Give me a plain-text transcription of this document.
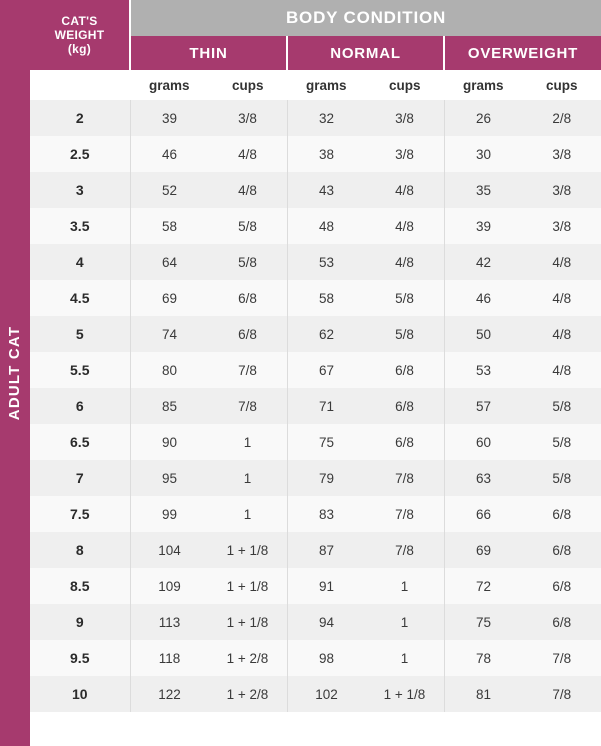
ADULT CAT
CAT'S
WEIGHT
(kg)	BODY CONDITION					
	THIN		NORMAL		OVERWEIGHT	
	grams	cups	grams	cups	grams	cups
2	39	3/8	32	3/8	26	2/8
2.5	46	4/8	38	3/8	30	3/8
3	52	4/8	43	4/8	35	3/8
3.5	58	5/8	48	4/8	39	3/8
4	64	5/8	53	4/8	42	4/8
4.5	69	6/8	58	5/8	46	4/8
5	74	6/8	62	5/8	50	4/8
5.5	80	7/8	67	6/8	53	4/8
6	85	7/8	71	6/8	57	5/8
6.5	90	1	75	6/8	60	5/8
7	95	1	79	7/8	63	5/8
7.5	99	1	83	7/8	66	6/8
8	104	1 + 1/8	87	7/8	69	6/8
8.5	109	1 + 1/8	91	1	72	6/8
9	113	1 + 1/8	94	1	75	6/8
9.5	118	1 + 2/8	98	1	78	7/8
10	122	1 + 2/8	102	1 + 1/8	81	7/8
